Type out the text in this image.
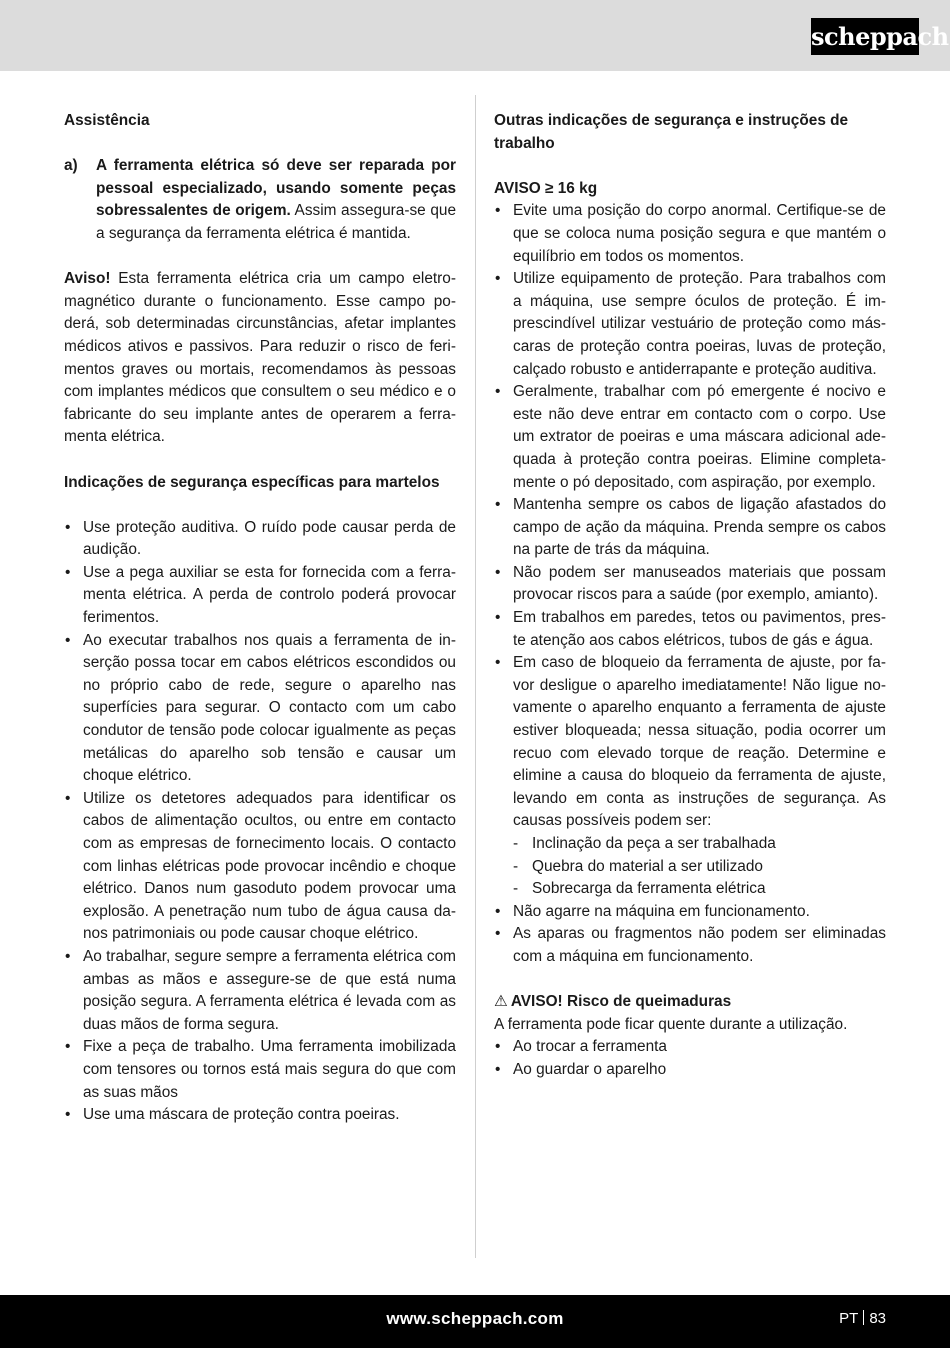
scheppach

Assistência

a)	A ferramenta elétrica só deve ser reparada por pessoal especializado, usando somente peças sobressalentes de origem. Assim assegura-se que a segurança da ferramenta elétrica é mantida.

Aviso! Esta ferramenta elétrica cria um campo eletromagnético durante o funcionamento. Esse campo poderá, sob determinadas circunstâncias, afetar implantes médicos ativos e passivos. Para reduzir o risco de ferimentos graves ou mortais, recomendamos às pessoas com implantes médicos que consultem o seu médico e o fabricante do seu implante antes de operarem a ferramenta elétrica.

Indicações de segurança específicas para martelos

• Use proteção auditiva. O ruído pode causar perda de audição.
• Use a pega auxiliar se esta for fornecida com a ferramenta elétrica. A perda de controlo poderá provocar ferimentos.
• Ao executar trabalhos nos quais a ferramenta de inserção possa tocar em cabos elétricos escondidos ou no próprio cabo de rede, segure o aparelho nas superfícies para segurar. O contacto com um cabo condutor de tensão pode colocar igualmente as peças metálicas do aparelho sob tensão e causar um choque elétrico.
• Utilize os detetores adequados para identificar os cabos de alimentação ocultos, ou entre em contacto com as empresas de fornecimento locais. O contacto com linhas elétricas pode provocar incêndio e choque elétrico. Danos num gasoduto podem provocar uma explosão. A penetração num tubo de água causa danos patrimoniais ou pode causar choque elétrico.
• Ao trabalhar, segure sempre a ferramenta elétrica com ambas as mãos e assegure-se de que está numa posição segura. A ferramenta elétrica é levada com as duas mãos de forma segura.
• Fixe a peça de trabalho. Uma ferramenta imobilizada com tensores ou tornos está mais segura do que com as suas mãos
• Use uma máscara de proteção contra poeiras.

Outras indicações de segurança e instruções de trabalho

AVISO ≥ 16 kg

• Evite uma posição do corpo anormal. Certifique-se de que se coloca numa posição segura e que mantém o equilíbrio em todos os momentos.
• Utilize equipamento de proteção. Para trabalhos com a máquina, use sempre óculos de proteção. É imprescindível utilizar vestuário de proteção como máscaras de proteção contra poeiras, luvas de proteção, calçado robusto e antiderrapante e proteção auditiva.
• Geralmente, trabalhar com pó emergente é nocivo e este não deve entrar em contacto com o corpo. Use um extrator de poeiras e uma máscara adicional adequada à proteção contra poeiras. Elimine completamente o pó depositado, com aspiração, por exemplo.
• Mantenha sempre os cabos de ligação afastados do campo de ação da máquina. Prenda sempre os cabos na parte de trás da máquina.
• Não podem ser manuseados materiais que possam provocar riscos para a saúde (por exemplo, amianto).
• Em trabalhos em paredes, tetos ou pavimentos, preste atenção aos cabos elétricos, tubos de gás e água.
• Em caso de bloqueio da ferramenta de ajuste, por favor desligue o aparelho imediatamente! Não ligue novamente o aparelho enquanto a ferramenta de ajuste estiver bloqueada; nessa situação, podia ocorrer um recuo com elevado torque de reação. Determine e elimine a causa do bloqueio da ferramenta de ajuste, levando em conta as instruções de segurança. As causas possíveis podem ser:
- Inclinação da peça a ser trabalhada
- Quebra do material a ser utilizado
- Sobrecarga da ferramenta elétrica
• Não agarre na máquina em funcionamento.
• As aparas ou fragmentos não podem ser eliminadas com a máquina em funcionamento.

⚠ AVISO! Risco de queimaduras

A ferramenta pode ficar quente durante a utilização.

• Ao trocar a ferramenta
• Ao guardar o aparelho
www.scheppach.com	PT 83
